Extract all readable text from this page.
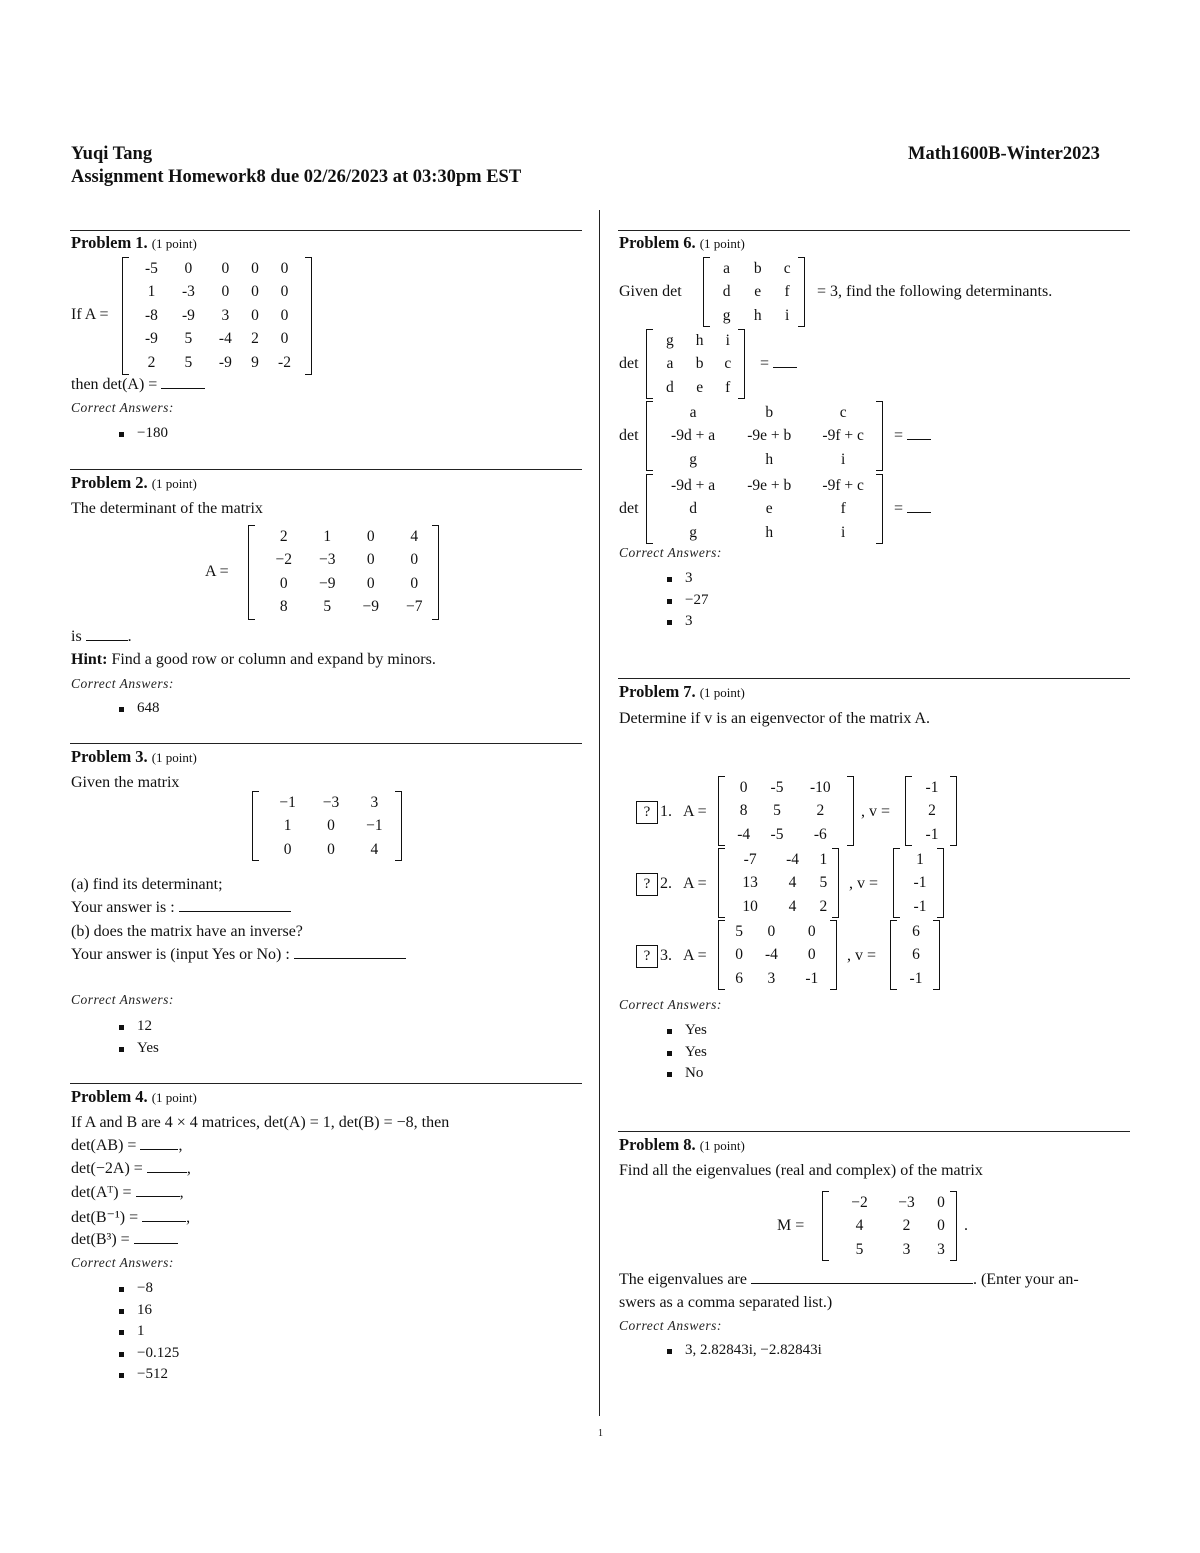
Yuqi Tang	Math1600B-Winter2023
Assignment Homework8 due 02/26/2023 at 03:30pm EST
Problem 1. (1 point)
If A =
-5	0	0	0	0
1	-3	0	0	0
-8	-9	3	0	0
-9	5	-4	2	0
2	5	-9	9	-2
then det(A) =
Correct Answers:
−180
Problem 2. (1 point)
The determinant of the matrix
A =
2	1	0	4
−2	−3	0	0
0	−9	0	0
8	5	−9	−7
is	.
Hint: Find a good row or column and expand by minors.
Correct Answers:
648
Problem 3. (1 point)
Given the matrix
−1	−3	3
1	0	−1
0	0	4
(a) find its determinant;
Your answer is :
(b) does the matrix have an inverse?
Your answer is (input Yes or No) :
Correct Answers:
12
Yes
Problem 4. (1 point)
If A and B are 4 × 4 matrices, det(A) = 1, det(B) = −8, then
det(AB) =	,
det(−2A) =	,
det(Aᵀ) =	,
det(B⁻¹) =	,
det(B³) =
Correct Answers:
−8
16
1
−0.125
−512
Problem 6. (1 point)
Given det
a	b	c
d	e	f
g	h	i
= 3, find the following determinants.
det
g	h	i
a	b	c
d	e	f
=
det
a	b	c
-9d + a	-9e + b	-9f + c
g	h	i
=
det
-9d + a	-9e + b	-9f + c
d	e	f
g	h	i
=
Correct Answers:
3
−27
3
Problem 7. (1 point)
Determine if v is an eigenvector of the matrix A.
? 1. A =
0	-5	-10
8	5	2
-4	-5	-6
, v =
-1
2
-1
? 2. A =
-7	-4	1
13	4	5
10	4	2
, v =
1
-1
-1
? 3. A =
5	0	0
0	-4	0
6	3	-1
, v =
6
6
-1
Correct Answers:
Yes
Yes
No
Problem 8. (1 point)
Find all the eigenvalues (real and complex) of the matrix
M =
−2	−3	0
4	2	0
5	3	3
.
The eigenvalues are	. (Enter your an-
swers as a comma separated list.)
Correct Answers:
3, 2.82843i, −2.82843i
1
